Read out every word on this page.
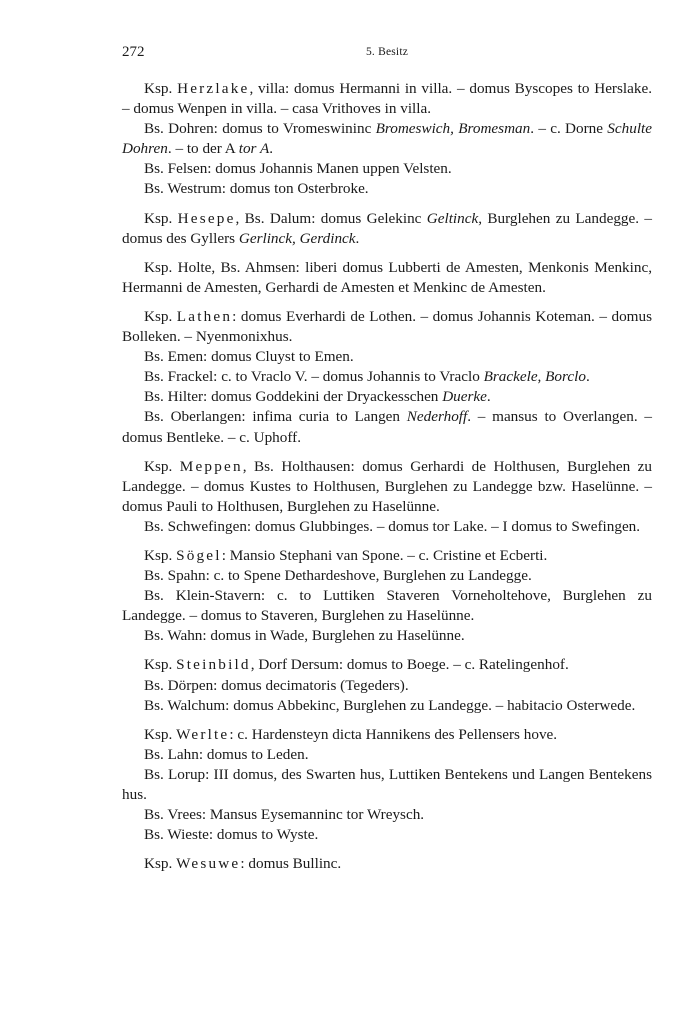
272	5. Besitz

Ksp. Herzlake, villa: domus Hermanni in villa. – domus Byscopes to Herslake. – domus Wenpen in villa. – casa Vrithoves in villa.

Bs. Dohren: domus to Vromeswininc Bromeswich, Bromesman. – c. Dorne Schulte Dohren. – to der A tor A.

Bs. Felsen: domus Johannis Manen uppen Velsten.

Bs. Westrum: domus ton Osterbroke.

Ksp. Hesepe, Bs. Dalum: domus Gelekinc Geltinck, Burglehen zu Landegge. – domus des Gyllers Gerlinck, Gerdinck.

Ksp. Holte, Bs. Ahmsen: liberi domus Lubberti de Amesten, Menkonis Menkinc, Hermanni de Amesten, Gerhardi de Amesten et Menkinc de Amesten.

Ksp. Lathen: domus Everhardi de Lothen. – domus Johannis Koteman. – domus Bolleken. – Nyenmonixhus.

Bs. Emen: domus Cluyst to Emen.

Bs. Frackel: c. to Vraclo V. – domus Johannis to Vraclo Brackele, Borclo.

Bs. Hilter: domus Goddekini der Dryackesschen Duerke.

Bs. Oberlangen: infima curia to Langen Nederhoff. – mansus to Overlangen. – domus Bentleke. – c. Uphoff.

Ksp. Meppen, Bs. Holthausen: domus Gerhardi de Holthusen, Burglehen zu Landegge. – domus Kustes to Holthusen, Burglehen zu Landegge bzw. Haselünne. – domus Pauli to Holthusen, Burglehen zu Haselünne.

Bs. Schwefingen: domus Glubbinges. – domus tor Lake. – I domus to Swefingen.

Ksp. Sögel: Mansio Stephani van Spone. – c. Cristine et Ecberti.

Bs. Spahn: c. to Spene Dethardeshove, Burglehen zu Landegge.

Bs. Klein-Stavern: c. to Luttiken Staveren Vorneholtehove, Burglehen zu Landegge. – domus to Staveren, Burglehen zu Haselünne.

Bs. Wahn: domus in Wade, Burglehen zu Haselünne.

Ksp. Steinbild, Dorf Dersum: domus to Boege. – c. Ratelingenhof.

Bs. Dörpen: domus decimatoris (Tegeders).

Bs. Walchum: domus Abbekinc, Burglehen zu Landegge. – habitacio Osterwede.

Ksp. Werlte: c. Hardensteyn dicta Hannikens des Pellensers hove.

Bs. Lahn: domus to Leden.

Bs. Lorup: III domus, des Swarten hus, Luttiken Bentekens und Langen Bentekens hus.

Bs. Vrees: Mansus Eysemanninc tor Wreysch.

Bs. Wieste: domus to Wyste.

Ksp. Wesuwe: domus Bullinc.
